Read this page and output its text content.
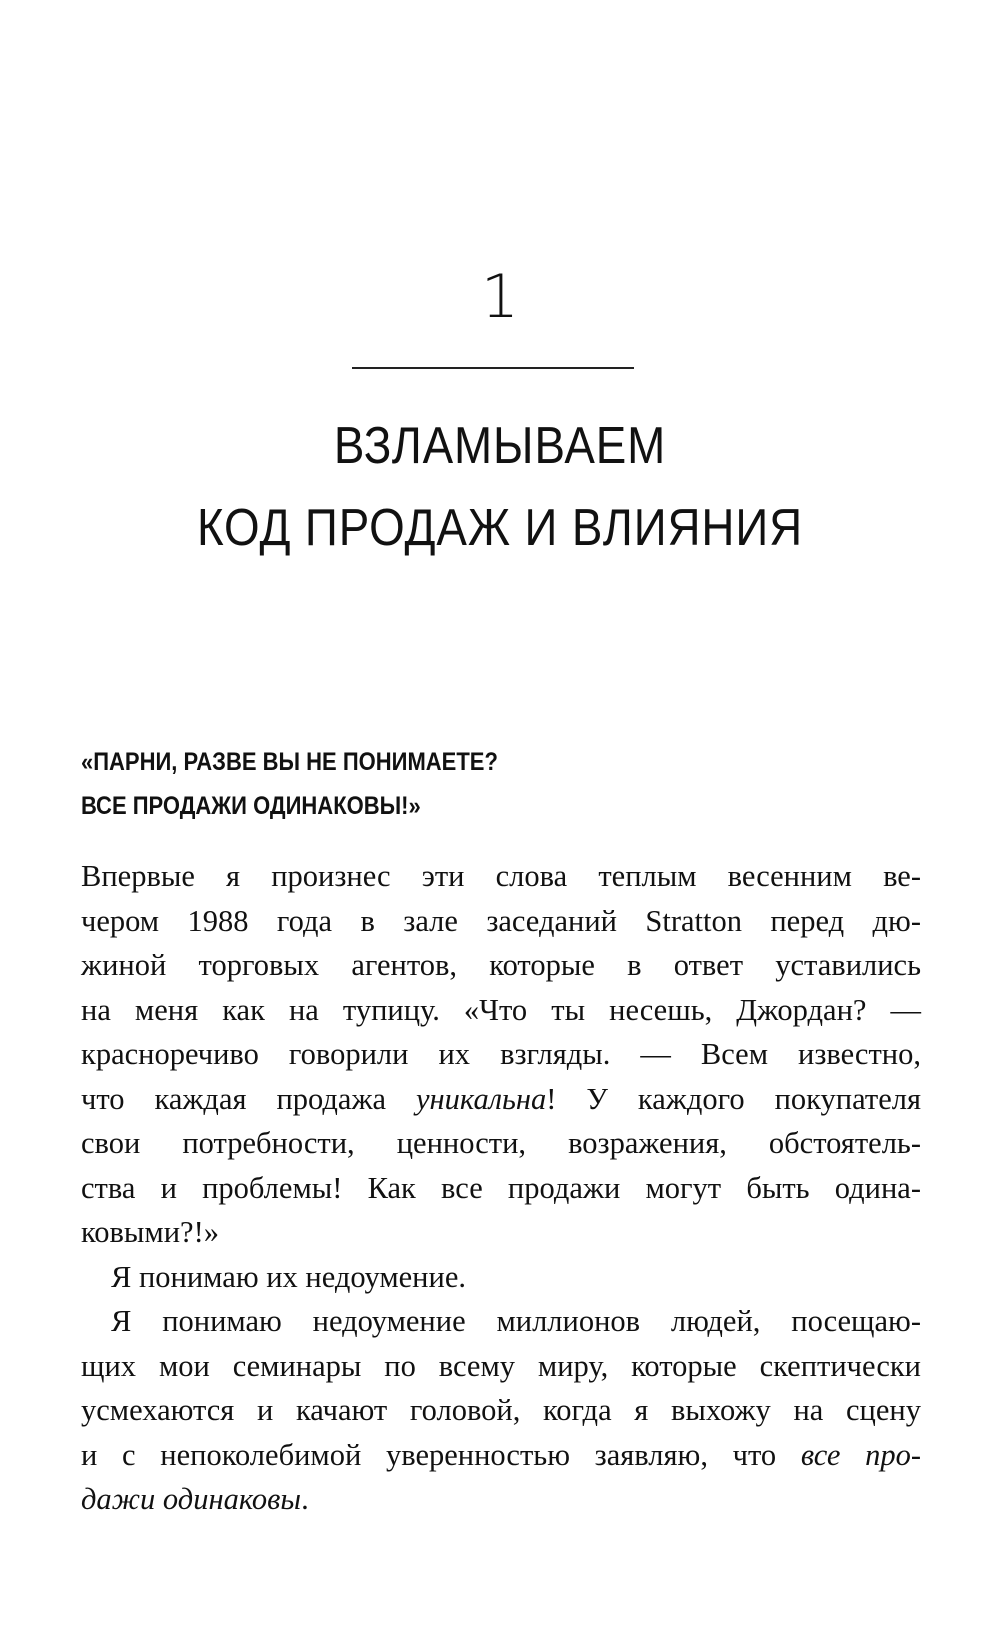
1
ВЗЛАМЫВАЕМ
КОД ПРОДАЖ И ВЛИЯНИЯ
«ПАРНИ, РАЗВЕ ВЫ НЕ ПОНИМАЕТЕ?
ВСЕ ПРОДАЖИ ОДИНАКОВЫ!»
Впервые я произнес эти слова теплым весенним ве-
чером 1988 года в зале заседаний Stratton перед дю-
жиной торговых агентов, которые в ответ уставились
на меня как на тупицу. «Что ты несешь, Джордан? —
красноречиво говорили их взгляды. — Всем известно,
что каждая продажа уникальна! У каждого покупателя
свои потребности, ценности, возражения, обстоятель-
ства и проблемы! Как все продажи могут быть одина-
ковыми?!»
Я понимаю их недоумение.
Я понимаю недоумение миллионов людей, посещаю-
щих мои семинары по всему миру, которые скептически
усмехаются и качают головой, когда я выхожу на сцену
и с непоколебимой уверенностью заявляю, что все про-
дажи одинаковы.
